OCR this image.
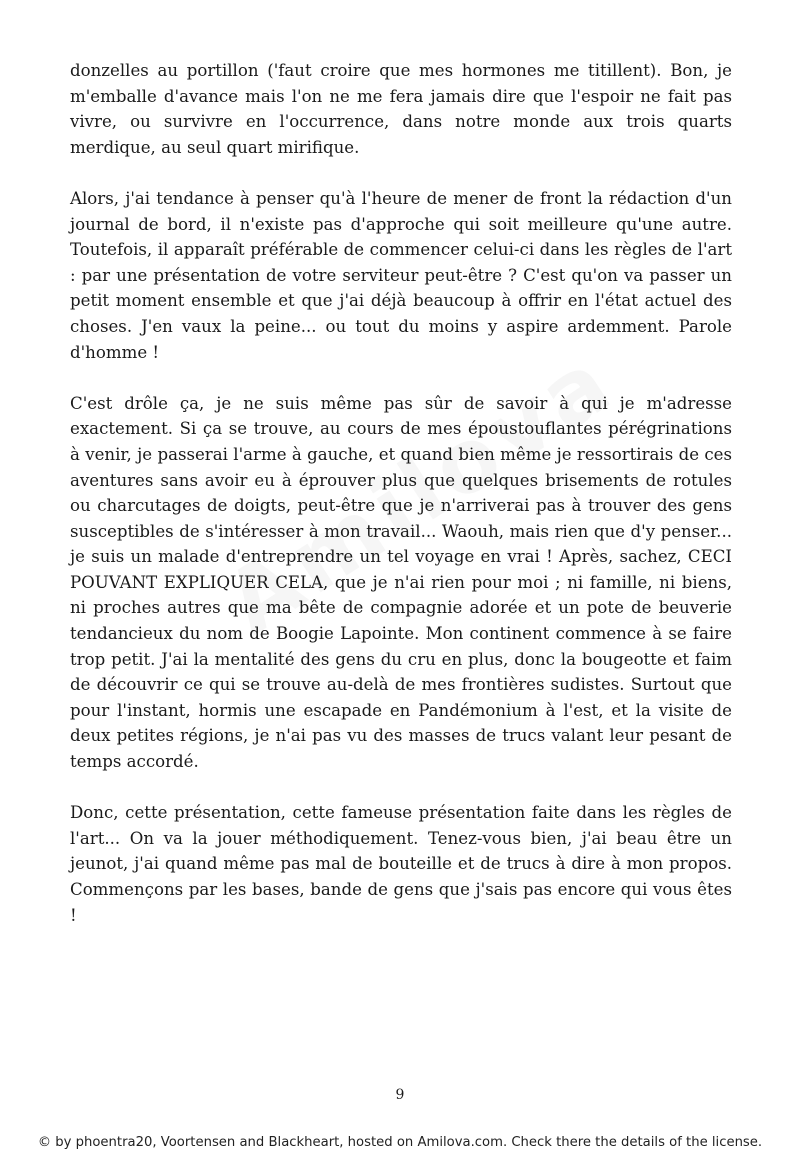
donzelles au portillon ('faut croire que mes hormones me titillent). Bon, je m'emballe d'avance mais l'on ne me fera jamais dire que l'espoir ne fait pas vivre, ou survivre en l'occurrence, dans notre monde aux trois quarts merdique, au seul quart mirifique.

Alors, j'ai tendance à penser qu'à l'heure de mener de front la rédaction d'un journal de bord, il n'existe pas d'approche qui soit meilleure qu'une autre. Toutefois, il apparaît préférable de commencer celui-ci dans les règles de l'art : par une présentation de votre serviteur peut-être ? C'est qu'on va passer un petit moment ensemble et que j'ai déjà beaucoup à offrir en l'état actuel des choses. J'en vaux la peine... ou tout du moins y aspire ardemment. Parole d'homme !

C'est drôle ça, je ne suis même pas sûr de savoir à qui je m'adresse exactement. Si ça se trouve, au cours de mes époustouflantes pérégrinations à venir, je passerai l'arme à gauche, et quand bien même je ressortirais de ces aventures sans avoir eu à éprouver plus que quelques brisements de rotules ou charcutages de doigts, peut-être que je n'arriverai pas à trouver des gens susceptibles de s'intéresser à mon travail... Waouh, mais rien que d'y penser... je suis un malade d'entreprendre un tel voyage en vrai ! Après, sachez, CECI POUVANT EXPLIQUER CELA, que je n'ai rien pour moi ; ni famille, ni biens, ni proches autres que ma bête de compagnie adorée et un pote de beuverie tendancieux du nom de Boogie Lapointe. Mon continent commence à se faire trop petit. J'ai la mentalité des gens du cru en plus, donc la bougeotte et faim de découvrir ce qui se trouve au-delà de mes frontières sudistes. Surtout que pour l'instant, hormis une escapade en Pandémonium à l'est, et la visite de deux petites régions, je n'ai pas vu des masses de trucs valant leur pesant de temps accordé.

Donc, cette présentation, cette fameuse présentation faite dans les règles de l'art... On va la jouer méthodiquement. Tenez-vous bien, j'ai beau être un jeunot, j'ai quand même pas mal de bouteille et de trucs à dire à mon propos. Commençons par les bases, bande de gens que j'sais pas encore qui vous êtes !

9
© by phoentra20, Voortensen and Blackheart, hosted on Amilova.com. Check there the details of the license.
